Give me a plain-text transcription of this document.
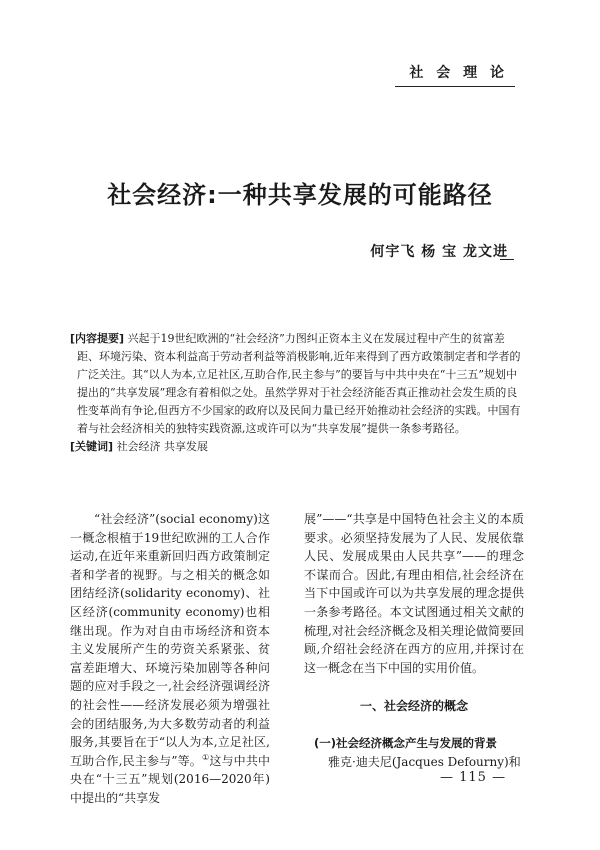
社 会 理 论
社会经济:一种共享发展的可能路径
何宇飞 杨 宝 龙文进

[内容提要] 兴起于19世纪欧洲的“社会经济”力图纠正资本主义在发展过程中产生的贫富差距、环境污染、资本利益高于劳动者利益等消极影响,近年来得到了西方政策制定者和学者的广泛关注。其“以人为本,立足社区,互助合作,民主参与”的要旨与中共中央在“十三五”规划中提出的“共享发展”理念有着相似之处。虽然学界对于社会经济能否真正推动社会发生质的良性变革尚有争论,但西方不少国家的政府以及民间力量已经开始推动社会经济的实践。中国有着与社会经济相关的独特实践资源,这或许可以为“共享发展”提供一条参考路径。

[关键词] 社会经济 共享发展

“社会经济”(social economy)这一概念根植于19世纪欧洲的工人合作运动,在近年来重新回归西方政策制定者和学者的视野。与之相关的概念如团结经济(solidarity economy)、社区经济(community economy)也相继出现。作为对自由市场经济和资本主义发展所产生的劳资关系紧张、贫富差距增大、环境污染加剧等各种问题的应对手段之一,社会经济强调经济的社会性——经济发展必须为增强社会的团结服务,为大多数劳动者的利益服务,其要旨在于“以人为本,立足社区,互助合作,民主参与”等。①这与中共中央在“十三五”规划(2016—2020年)中提出的“共享发

展”——“共享是中国特色社会主义的本质要求。必须坚持发展为了人民、发展依靠人民、发展成果由人民共享”——的理念不谋而合。因此,有理由相信,社会经济在当下中国或许可以为共享发展的理念提供一条参考路径。本文试图通过相关文献的梳理,对社会经济概念及相关理论做简要回顾,介绍社会经济在西方的应用,并探讨在这一概念在当下中国的实用价值。

一、社会经济的概念

(一)社会经济概念产生与发展的背景

雅克·迪夫尼(Jacques Defourny)和

— 115 —
